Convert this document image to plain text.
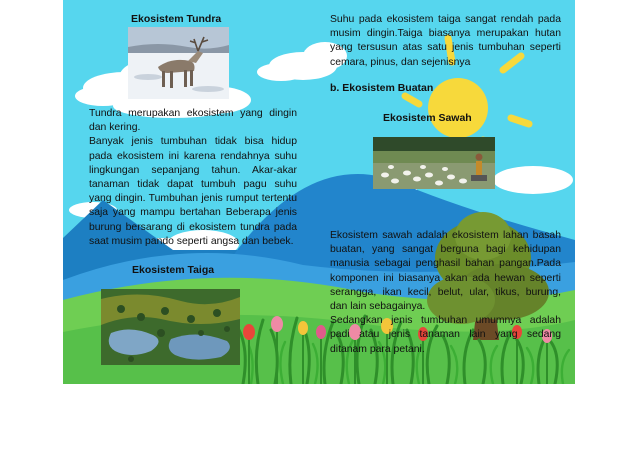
Ekosistem Tundra
Ekosistem Taiga
b. Ekosistem Buatan
Ekosistem Sawah
Tundra merupakan ekosistem yang dingin dan kering.
Banyak jenis tumbuhan tidak bisa hidup pada ekosistem ini karena rendahnya suhu lingkungan sepanjang tahun. Akar-akar tanaman tidak dapat tumbuh pagu suhu yang dingin. Tumbuhan jenis rumput tertentu saja yang mampu bertahan Beberapa jenis burung bersarang di ekosistem tundra pada saat musim pando seperti angsa dan bebek.
Suhu pada ekosistem taiga sangat rendah pada musim dingin.Taiga biasanya merupakan hutan yang tersusun atas satu jenis tumbuhan seperti cemara, pinus, dan sejenisnya
Ekosistem sawah adalah ekosistem lahan basah buatan, yang sangat berguna bagi kehidupan manusia sebagai penghasil bahan pangan.Pada komponen ini biasanya akan ada hewan seperti serangga, ikan kecil, belut, ular, tikus, burung, dan lain sebagainya.
Sedangkan jenis tumbuhan umumnya adalah padi atau jenis tanaman lain yang sedang ditanam para petani.
